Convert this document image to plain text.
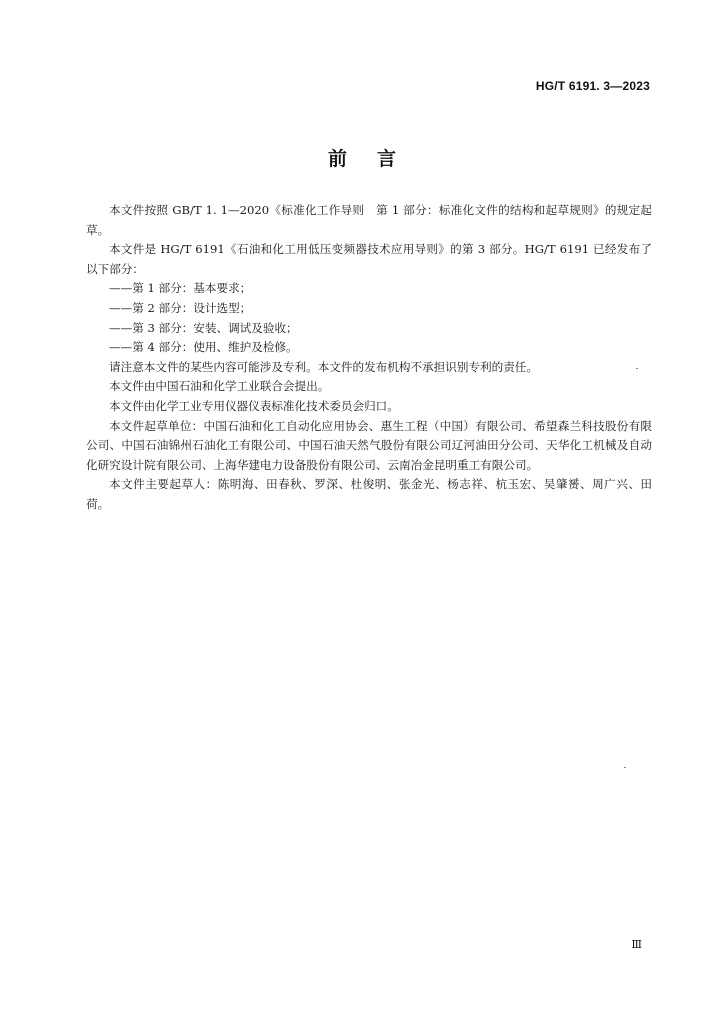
HG/T 6191. 3—2023
前言

本文件按照 GB/T 1. 1—2020《标准化工作导则　第 1 部分：标准化文件的结构和起草规则》的规定起草。

本文件是 HG/T 6191《石油和化工用低压变频器技术应用导则》的第 3 部分。HG/T 6191 已经发布了以下部分：

——第 1 部分：基本要求；

——第 2 部分：设计选型；

——第 3 部分：安装、调试及验收；

——第 4 部分：使用、维护及检修。

请注意本文件的某些内容可能涉及专利。本文件的发布机构不承担识别专利的责任。

本文件由中国石油和化学工业联合会提出。

本文件由化学工业专用仪器仪表标准化技术委员会归口。

本文件起草单位：中国石油和化工自动化应用协会、惠生工程（中国）有限公司、希望森兰科技股份有限公司、中国石油锦州石油化工有限公司、中国石油天然气股份有限公司辽河油田分公司、天华化工机械及自动化研究设计院有限公司、上海华建电力设备股份有限公司、云南冶金昆明重工有限公司。

本文件主要起草人：陈明海、田春秋、罗深、杜俊明、张金光、杨志祥、杭玉宏、吴肇赟、周广兴、田荷。

Ⅲ
